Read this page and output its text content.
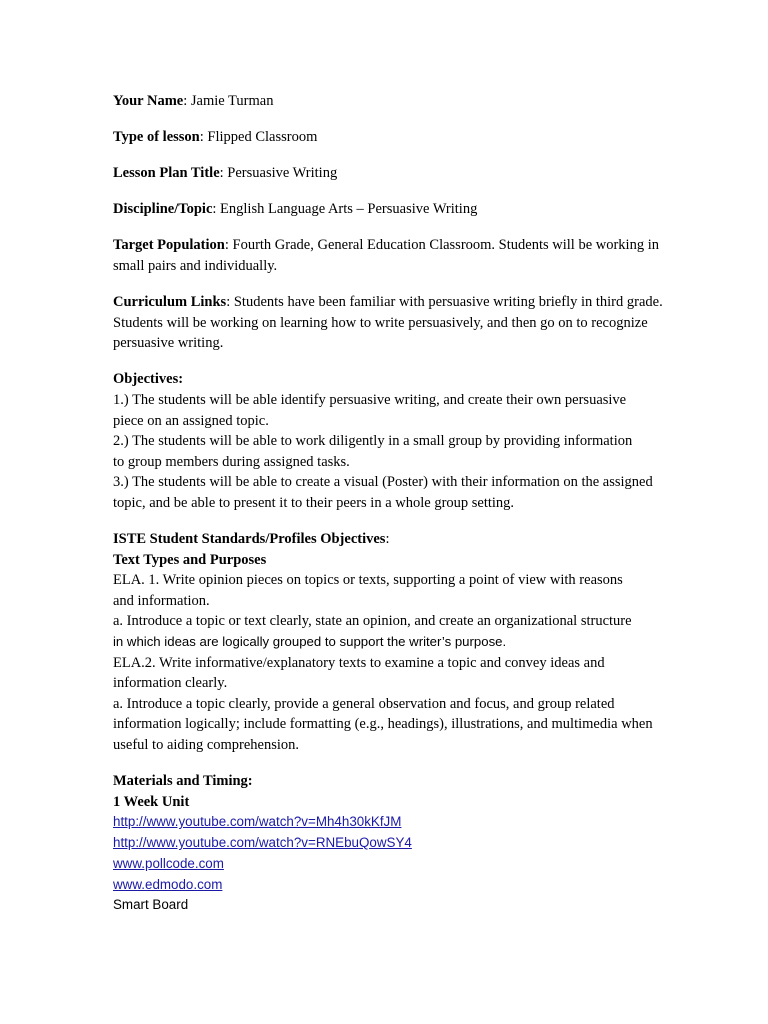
Your Name: Jamie Turman

Type of lesson: Flipped Classroom

Lesson Plan Title: Persuasive Writing

Discipline/Topic: English Language Arts – Persuasive Writing

Target Population: Fourth Grade, General Education Classroom. Students will be working in
small pairs and individually.

Curriculum Links: Students have been familiar with persuasive writing briefly in third grade.
Students will be working on learning how to write persuasively, and then go on to recognize
persuasive writing.

Objectives:

1.) The students will be able identify persuasive writing, and create their own persuasive
piece on an assigned topic.

2.) The students will be able to work diligently in a small group by providing information
to group members during assigned tasks.

3.) The students will be able to create a visual (Poster) with their information on the assigned
topic, and be able to present it to their peers in a whole group setting.

ISTE Student Standards/Profiles Objectives:

Text Types and Purposes

ELA. 1. Write opinion pieces on topics or texts, supporting a point of view with reasons
and information.

a. Introduce a topic or text clearly, state an opinion, and create an organizational structure

in which ideas are logically grouped to support the writer’s purpose.

ELA.2. Write informative/explanatory texts to examine a topic and convey ideas and
information clearly.

a. Introduce a topic clearly, provide a general observation and focus, and group related
information logically; include formatting (e.g., headings), illustrations, and multimedia when
useful to aiding comprehension.

Materials and Timing:

1 Week Unit

http://www.youtube.com/watch?v=Mh4h30kKfJM
http://www.youtube.com/watch?v=RNEbuQowSY4
www.pollcode.com
www.edmodo.com

Smart Board
